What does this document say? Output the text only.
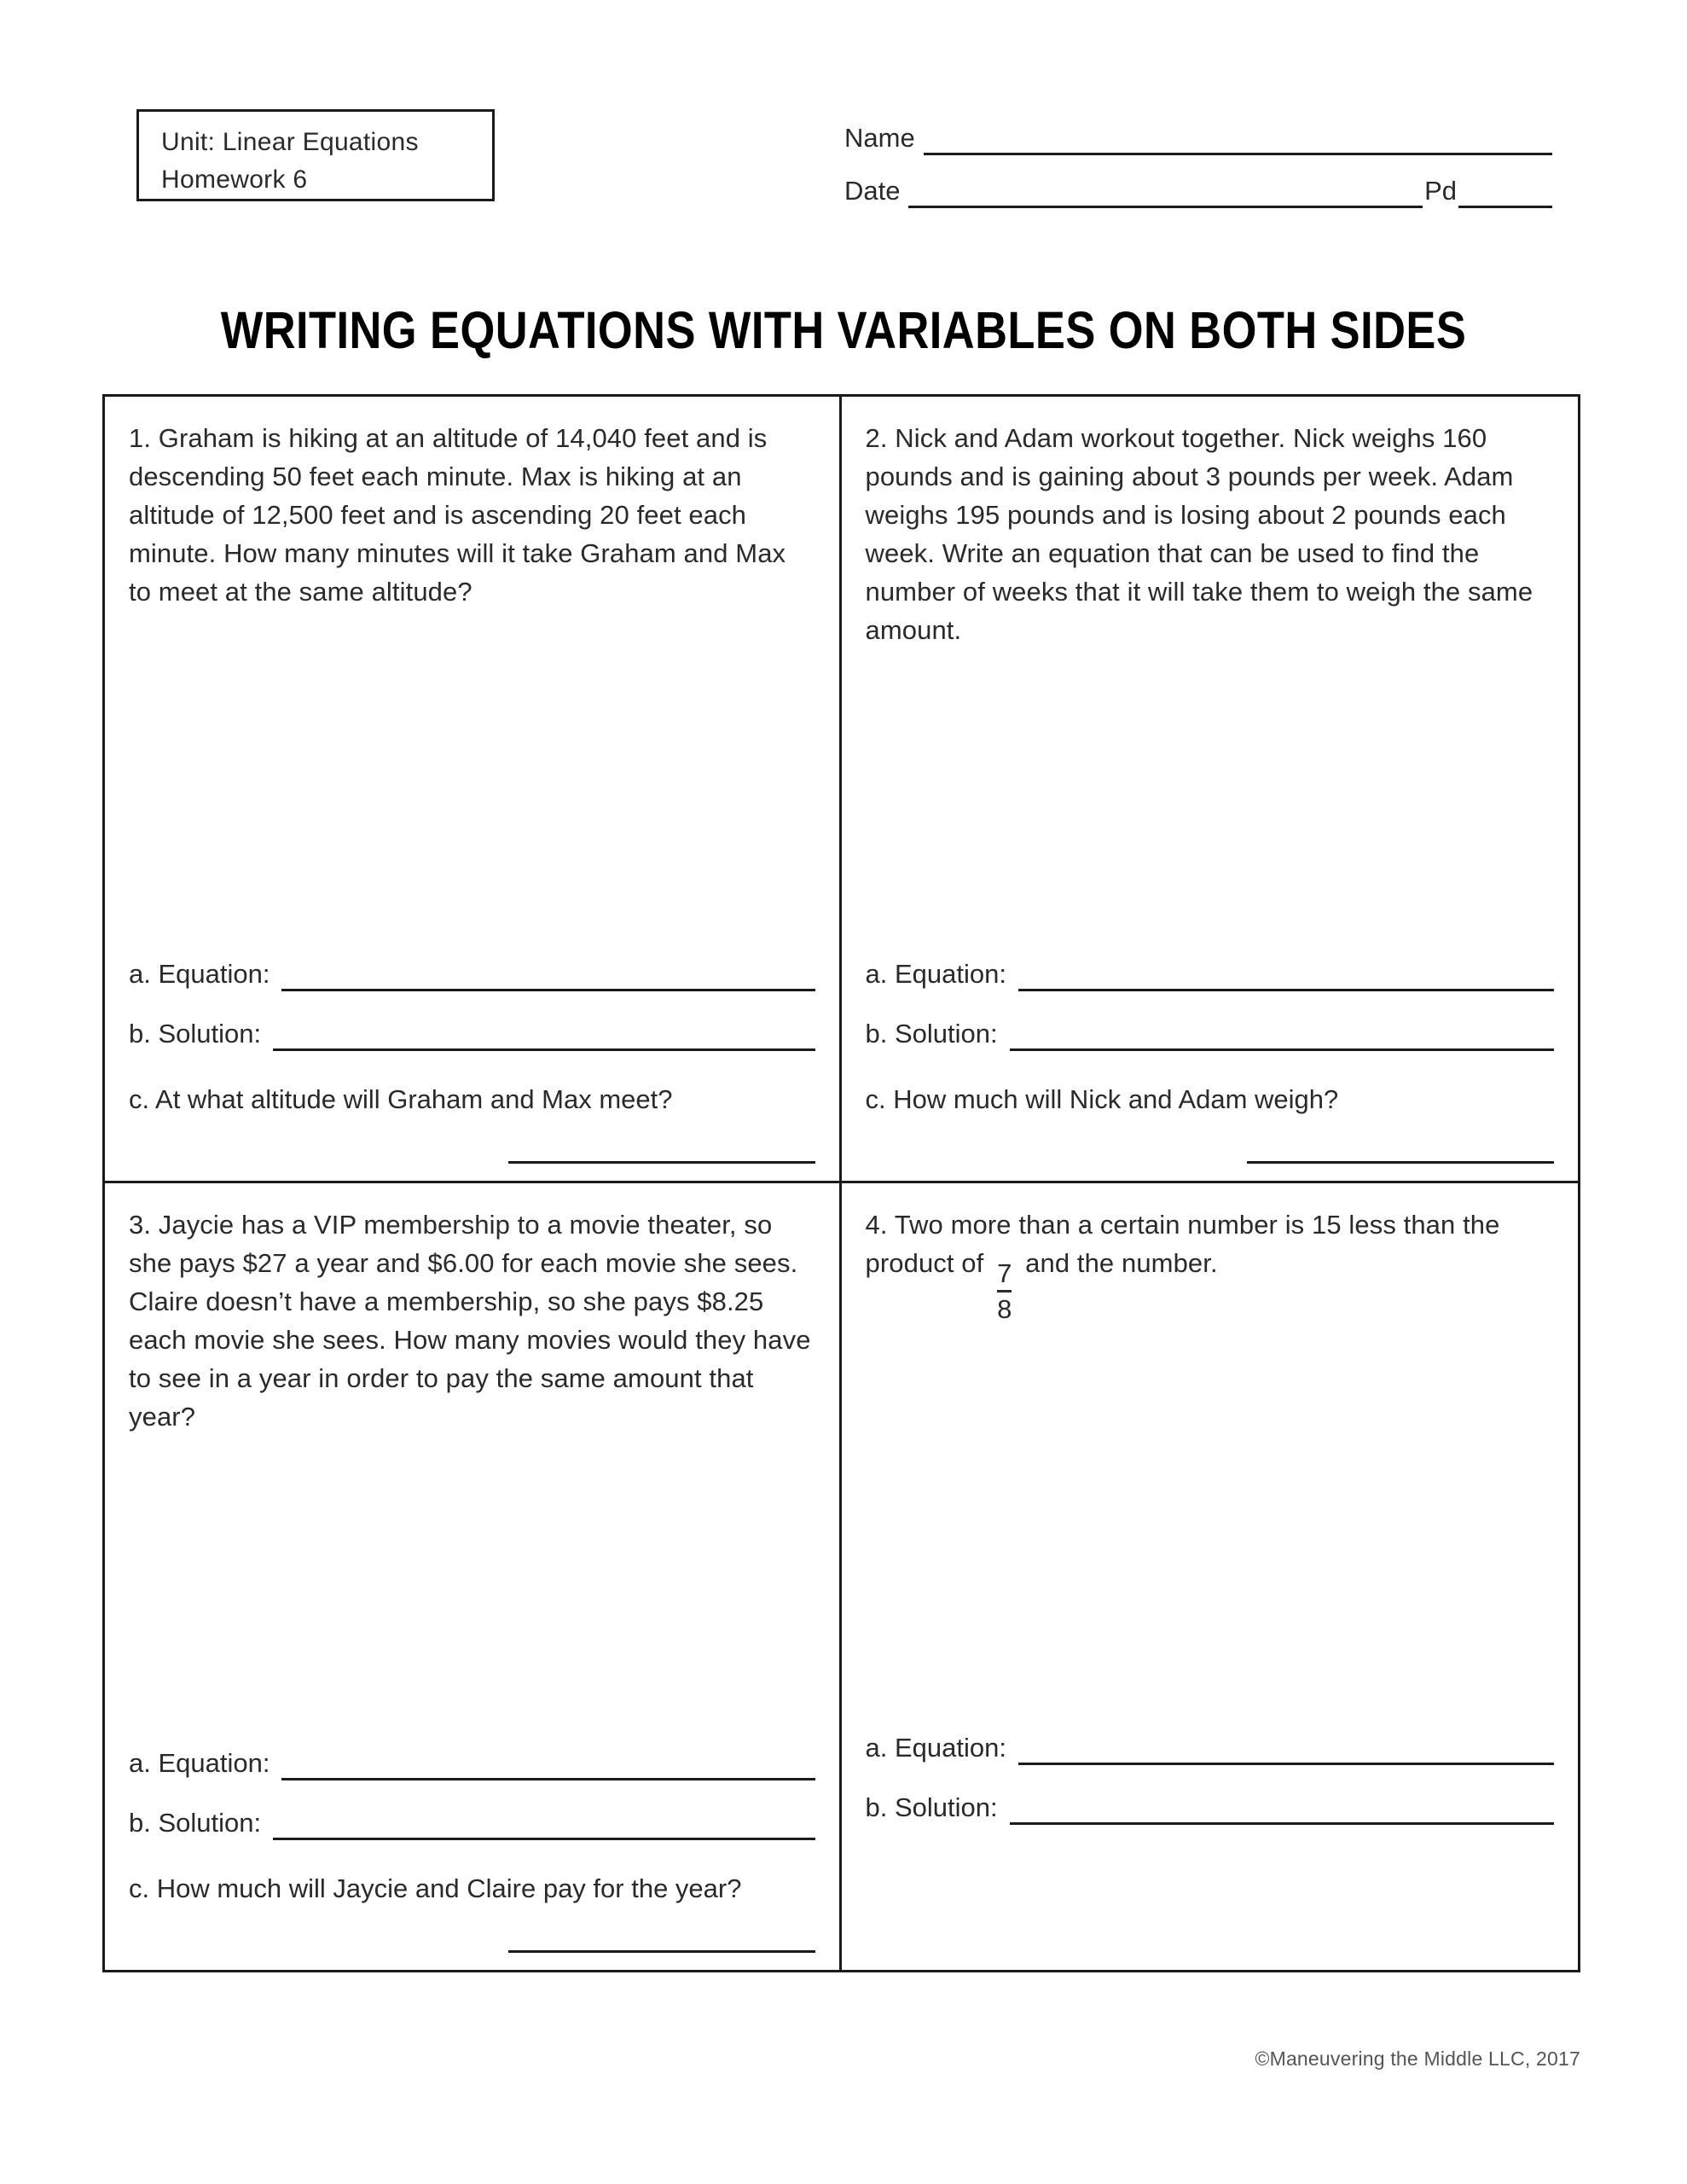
Unit: Linear Equations
Homework 6
Name
Date	Pd
WRITING EQUATIONS WITH VARIABLES ON BOTH SIDES
1. Graham is hiking at an altitude of 14,040 feet and is descending 50 feet each minute. Max is hiking at an altitude of 12,500 feet and is ascending 20 feet each minute. How many minutes will it take Graham and Max to meet at the same altitude?
a. Equation:
b. Solution:
c. At what altitude will Graham and Max meet?
2. Nick and Adam workout together. Nick weighs 160 pounds and is gaining about 3 pounds per week. Adam weighs 195 pounds and is losing about 2 pounds each week. Write an equation that can be used to find the number of weeks that it will take them to weigh the same amount.
a. Equation:
b. Solution:
c. How much will Nick and Adam weigh?
3. Jaycie has a VIP membership to a movie theater, so she pays $27 a year and $6.00 for each movie she sees. Claire doesn’t have a membership, so she pays $8.25 each movie she sees. How many movies would they have to see in a year in order to pay the same amount that year?
a. Equation:
b. Solution:
c. How much will Jaycie and Claire pay for the year?
4. Two more than a certain number is 15 less than the product of $\frac{7}{8}$ and the number.
a. Equation:
b. Solution:
©Maneuvering the Middle LLC, 2017
